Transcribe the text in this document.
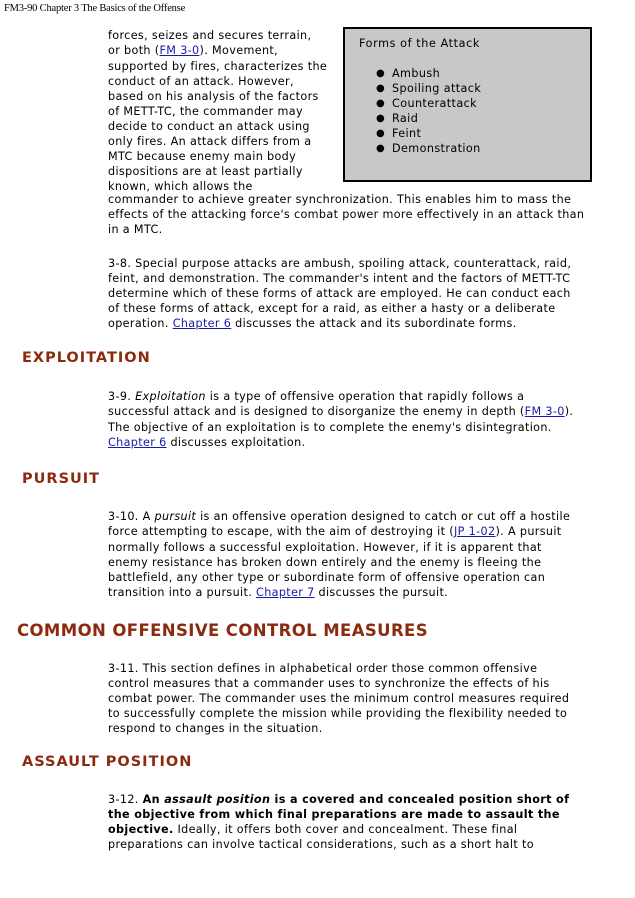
FM3-90 Chapter 3 The Basics of the Offense
Forms of the Attack
● Ambush
● Spoiling attack
● Counterattack
● Raid
● Feint
● Demonstration

forces, seizes and secures terrain,

or both (FM 3-0). Movement,

supported by fires, characterizes the

conduct of an attack. However,

based on his analysis of the factors

of METT-TC, the commander may

decide to conduct an attack using

only fires. An attack differs from a

MTC because enemy main body

dispositions are at least partially

known, which allows the

commander to achieve greater synchronization. This enables him to mass the

effects of the attacking force's combat power more effectively in an attack than

in a MTC.

3-8. Special purpose attacks are ambush, spoiling attack, counterattack, raid,

feint, and demonstration. The commander's intent and the factors of METT-TC

determine which of these forms of attack are employed. He can conduct each

of these forms of attack, except for a raid, as either a hasty or a deliberate

operation. Chapter 6 discusses the attack and its subordinate forms.

EXPLOITATION

3-9. Exploitation is a type of offensive operation that rapidly follows a

successful attack and is designed to disorganize the enemy in depth (FM 3-0).

The objective of an exploitation is to complete the enemy's disintegration.

Chapter 6 discusses exploitation.

PURSUIT

3-10. A pursuit is an offensive operation designed to catch or cut off a hostile

force attempting to escape, with the aim of destroying it (JP 1-02). A pursuit

normally follows a successful exploitation. However, if it is apparent that

enemy resistance has broken down entirely and the enemy is fleeing the

battlefield, any other type or subordinate form of offensive operation can

transition into a pursuit. Chapter 7 discusses the pursuit.

COMMON OFFENSIVE CONTROL MEASURES

3-11. This section defines in alphabetical order those common offensive

control measures that a commander uses to synchronize the effects of his

combat power. The commander uses the minimum control measures required

to successfully complete the mission while providing the flexibility needed to

respond to changes in the situation.

ASSAULT POSITION

3-12. An assault position is a covered and concealed position short of

the objective from which final preparations are made to assault the

objective. Ideally, it offers both cover and concealment. These final

preparations can involve tactical considerations, such as a short halt to
